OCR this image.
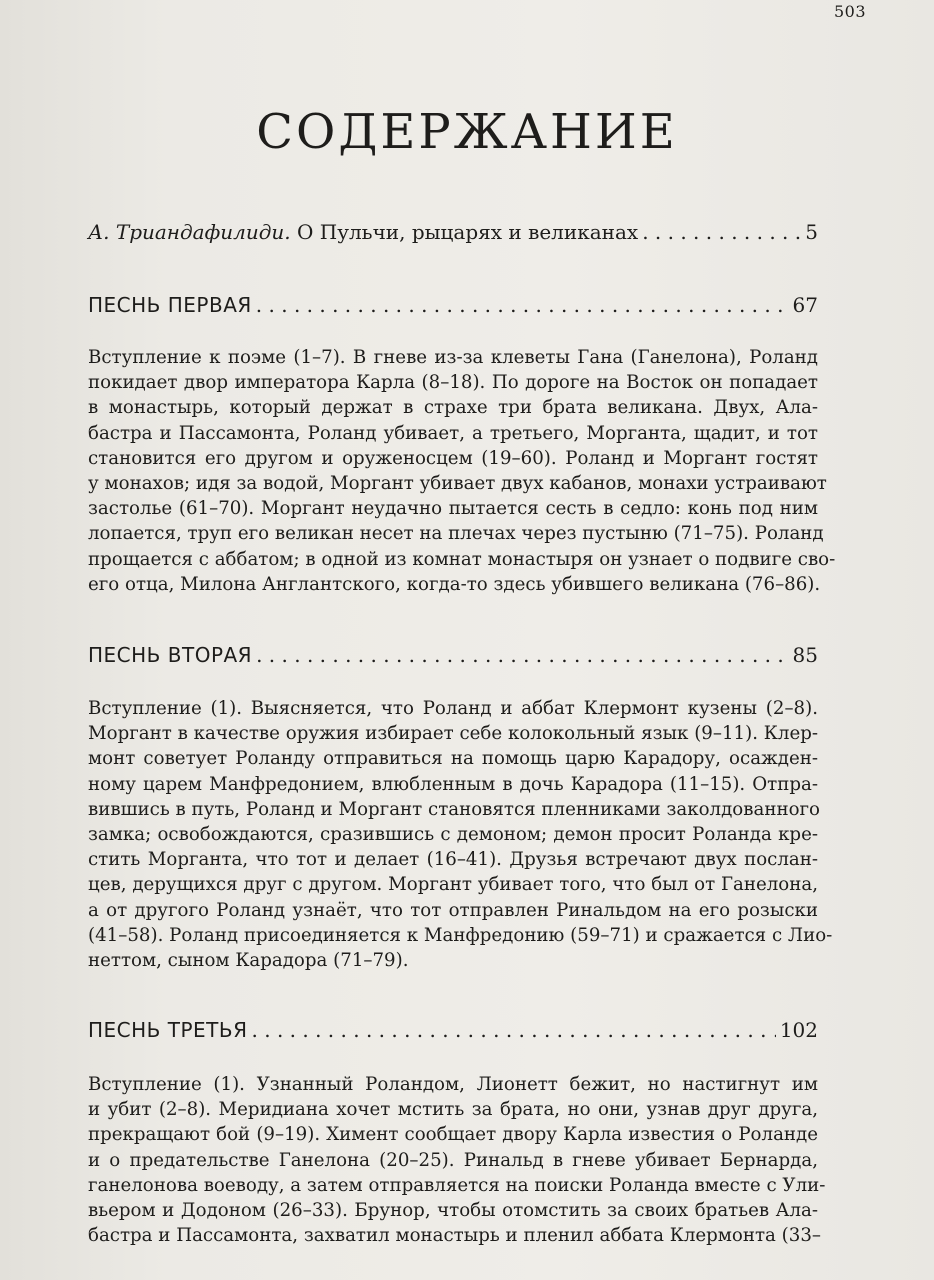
503
СОДЕРЖАНИЕ
А. Триандафилиди. О Пульчи, рыцарях и великанах . . .	5
ПЕСНЬ ПЕРВАЯ . . .	67
Вступление к поэме (1–7). В гневе из-за клеветы Гана (Ганелона), Роланд
покидает двор императора Карла (8–18). По дороге на Восток он попадает
в монастырь, который держат в страхе три брата великана. Двух, Ала-
бастра и Пассамонта, Роланд убивает, а третьего, Морганта, щадит, и тот
становится его другом и оруженосцем (19–60). Роланд и Моргант гостят
у монахов; идя за водой, Моргант убивает двух кабанов, монахи устраивают
застолье (61–70). Моргант неудачно пытается сесть в седло: конь под ним
лопается, труп его великан несет на плечах через пустыню (71–75). Роланд
прощается с аббатом; в одной из комнат монастыря он узнает о подвиге сво-
его отца, Милона Англантского, когда-то здесь убившего великана (76–86).
ПЕСНЬ ВТОРАЯ . . .	85
Вступление (1). Выясняется, что Роланд и аббат Клермонт кузены (2–8).
Моргант в качестве оружия избирает себе колокольный язык (9–11). Клер-
монт советует Роланду отправиться на помощь царю Карадору, осажден-
ному царем Манфредонием, влюбленным в дочь Карадора (11–15). Отпра-
вившись в путь, Роланд и Моргант становятся пленниками заколдованного
замка; освобождаются, сразившись с демоном; демон просит Роланда кре-
стить Морганта, что тот и делает (16–41). Друзья встречают двух послан-
цев, дерущихся друг с другом. Моргант убивает того, что был от Ганелона,
а от другого Роланд узнаёт, что тот отправлен Ринальдом на его розыски
(41–58). Роланд присоединяется к Манфредонию (59–71) и сражается с Лио-
неттом, сыном Карадора (71–79).
ПЕСНЬ ТРЕТЬЯ . . .	102
Вступление (1). Узнанный Роландом, Лионетт бежит, но настигнут им
и убит (2–8). Меридиана хочет мстить за брата, но они, узнав друг друга,
прекращают бой (9–19). Химент сообщает двору Карла известия о Роланде
и о предательстве Ганелона (20–25). Ринальд в гневе убивает Бернарда,
ганелонова воеводу, а затем отправляется на поиски Роланда вместе с Ули-
вьером и Додоном (26–33). Брунор, чтобы отомстить за своих братьев Ала-
бастра и Пассамонта, захватил монастырь и пленил аббата Клермонта (33–
